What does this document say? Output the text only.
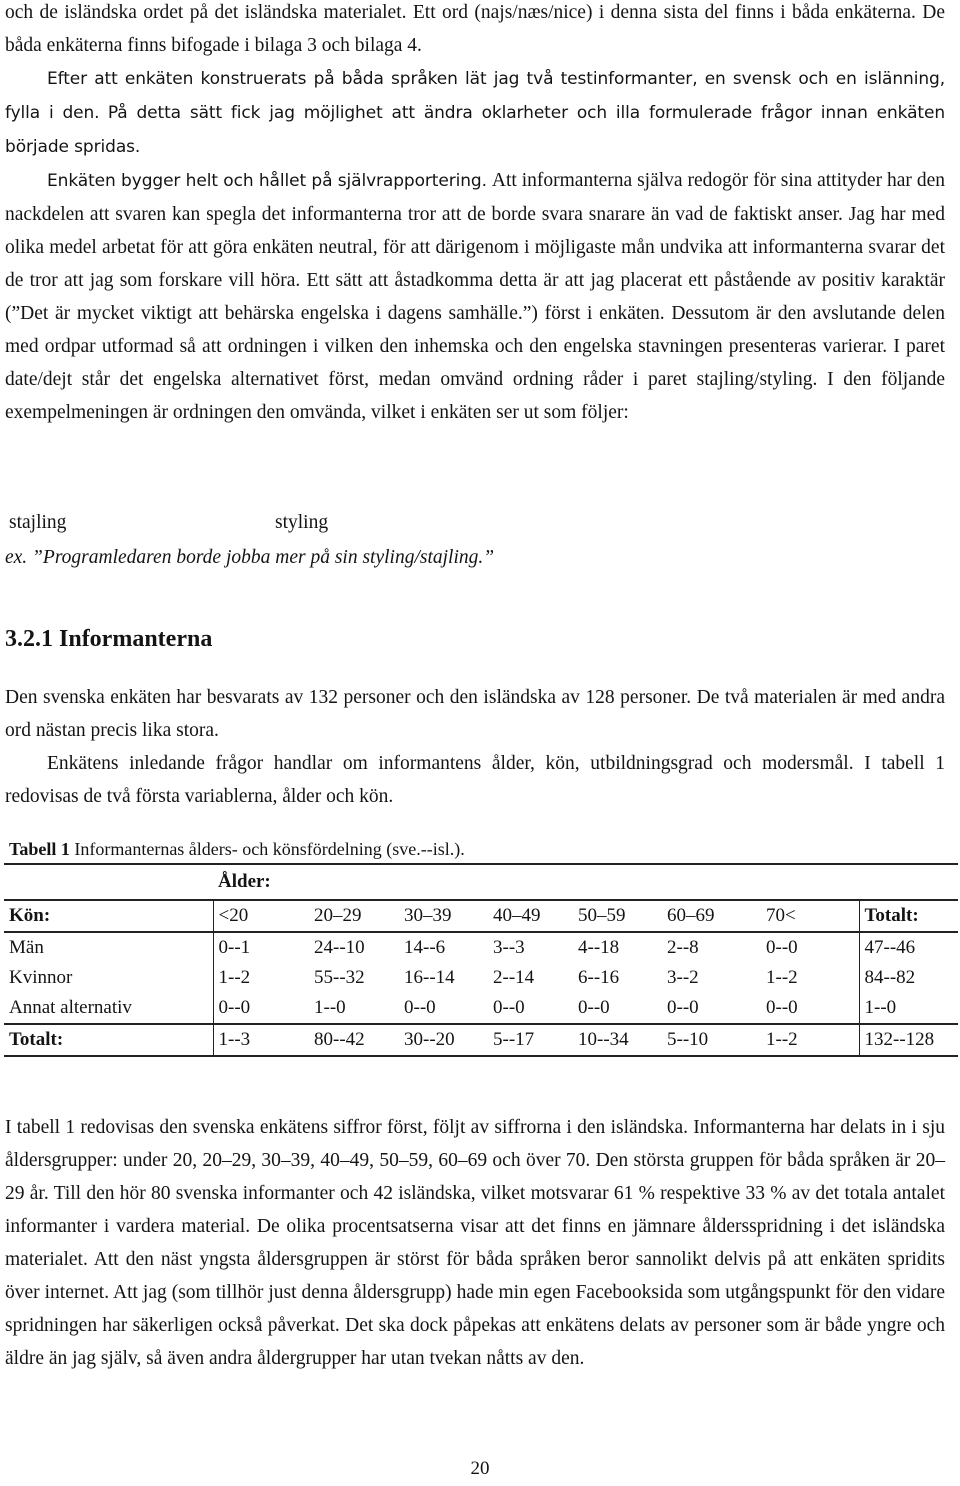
och de isländska ordet på det isländska materialet. Ett ord (najs/næs/nice) i denna sista del finns i båda enkäterna. De båda enkäterna finns bifogade i bilaga 3 och bilaga 4.

Efter att enkäten konstruerats på båda språken lät jag två testinformanter, en svensk och en islänning, fylla i den. På detta sätt fick jag möjlighet att ändra oklarheter och illa formulerade frågor innan enkäten började spridas.

Enkäten bygger helt och hållet på självrapportering. Att informanterna själva redogör för sina attityder har den nackdelen att svaren kan spegla det informanterna tror att de borde svara snarare än vad de faktiskt anser. Jag har med olika medel arbetat för att göra enkäten neutral, för att därigenom i möjligaste mån undvika att informanterna svarar det de tror att jag som forskare vill höra. Ett sätt att åstadkomma detta är att jag placerat ett påstående av positiv karaktär (”Det är mycket viktigt att behärska engelska i dagens samhälle.”) först i enkäten. Dessutom är den avslutande delen med ordpar utformad så att ordningen i vilken den inhemska och den engelska stavningen presenteras varierar. I paret date/dejt står det engelska alternativet först, medan omvänd ordning råder i paret stajling/styling. I den följande exempelmeningen är ordningen den omvända, vilket i enkäten ser ut som följer:

stajling	styling
ex. ”Programledaren borde jobba mer på sin styling/stajling.”
3.2.1 Informanterna

Den svenska enkäten har besvarats av 132 personer och den isländska av 128 personer. De två materialen är med andra ord nästan precis lika stora.

Enkätens inledande frågor handlar om informantens ålder, kön, utbildningsgrad och modersmål. I tabell 1 redovisas de två första variablerna, ålder och kön.

Tabell 1 Informanternas ålders- och könsfördelning (sve.--isl.).
	Ålder:							
Kön:	<20	20–29	30–39	40–49	50–59	60–69	70<	Totalt:
Män	0--1	24--10	14--6	3--3	4--18	2--8	0--0	47--46
Kvinnor	1--2	55--32	16--14	2--14	6--16	3--2	1--2	84--82
Annat alternativ	0--0	1--0	0--0	0--0	0--0	0--0	0--0	1--0
Totalt:	1--3	80--42	30--20	5--17	10--34	5--10	1--2	132--128

I tabell 1 redovisas den svenska enkätens siffror först, följt av siffrorna i den isländska. Informanterna har delats in i sju åldersgrupper: under 20, 20–29, 30–39, 40–49, 50–59, 60–69 och över 70. Den största gruppen för båda språken är 20–29 år. Till den hör 80 svenska informanter och 42 isländska, vilket motsvarar 61 % respektive 33 % av det totala antalet informanter i vardera material. De olika procentsatserna visar att det finns en jämnare åldersspridning i det isländska materialet. Att den näst yngsta åldersgruppen är störst för båda språken beror sannolikt delvis på att enkäten spridits över internet. Att jag (som tillhör just denna åldersgrupp) hade min egen Facebooksida som utgångspunkt för den vidare spridningen har säkerligen också påverkat. Det ska dock påpekas att enkätens delats av personer som är både yngre och äldre än jag själv, så även andra åldergrupper har utan tvekan nåtts av den.

20
